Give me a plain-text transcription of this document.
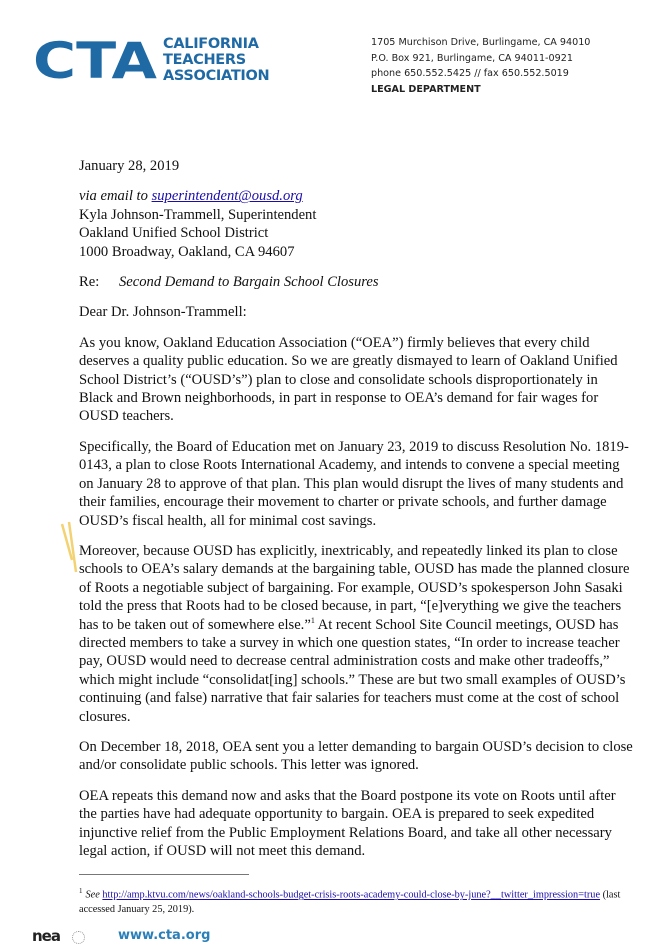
CTA CALIFORNIA
TEACHERS
ASSOCIATION
1705 Murchison Drive, Burlingame, CA 94010
P.O. Box 921, Burlingame, CA 94011-0921
phone 650.552.5425 // fax 650.552.5019
LEGAL DEPARTMENT
January 28, 2019
via email to superintendent@ousd.org
Kyla Johnson-Trammell, Superintendent
Oakland Unified School District
1000 Broadway, Oakland, CA 94607
Re: Second Demand to Bargain School Closures
Dear Dr. Johnson-Trammell:

As you know, Oakland Education Association (“OEA”) firmly believes that every child deserves a quality public education. So we are greatly dismayed to learn of Oakland Unified School District’s (“OUSD’s”) plan to close and consolidate schools disproportionately in Black and Brown neighborhoods, in part in response to OEA’s demand for fair wages for OUSD teachers.

Specifically, the Board of Education met on January 23, 2019 to discuss Resolution No. 1819-0143, a plan to close Roots International Academy, and intends to convene a special meeting on January 28 to approve of that plan. This plan would disrupt the lives of many students and their families, encourage their movement to charter or private schools, and further damage OUSD’s fiscal health, all for minimal cost savings.

Moreover, because OUSD has explicitly, inextricably, and repeatedly linked its plan to close schools to OEA’s salary demands at the bargaining table, OUSD has made the planned closure of Roots a negotiable subject of bargaining. For example, OUSD’s spokesperson John Sasaki told the press that Roots had to be closed because, in part, “[e]verything we give the teachers has to be taken out of somewhere else.”$^1$ At recent School Site Council meetings, OUSD has directed members to take a survey in which one question states, “In order to increase teacher pay, OUSD would need to decrease central administration costs and make other tradeoffs,” which might include “consolidat[ing] schools.” These are but two small examples of OUSD’s continuing (and false) narrative that fair salaries for teachers must come at the cost of school closures.

On December 18, 2018, OEA sent you a letter demanding to bargain OUSD’s decision to close and/or consolidate public schools. This letter was ignored.

OEA repeats this demand now and asks that the Board postpone its vote on Roots until after the parties have had adequate opportunity to bargain. OEA is prepared to seek expedited injunctive relief from the Public Employment Relations Board, and take all other necessary legal action, if OUSD will not meet this demand.

$^1$ See http://amp.ktvu.com/news/oakland-schools-budget-crisis-roots-academy-could-close-by-june?__twitter_impression=true (last accessed January 25, 2019).
nea	www.cta.org
